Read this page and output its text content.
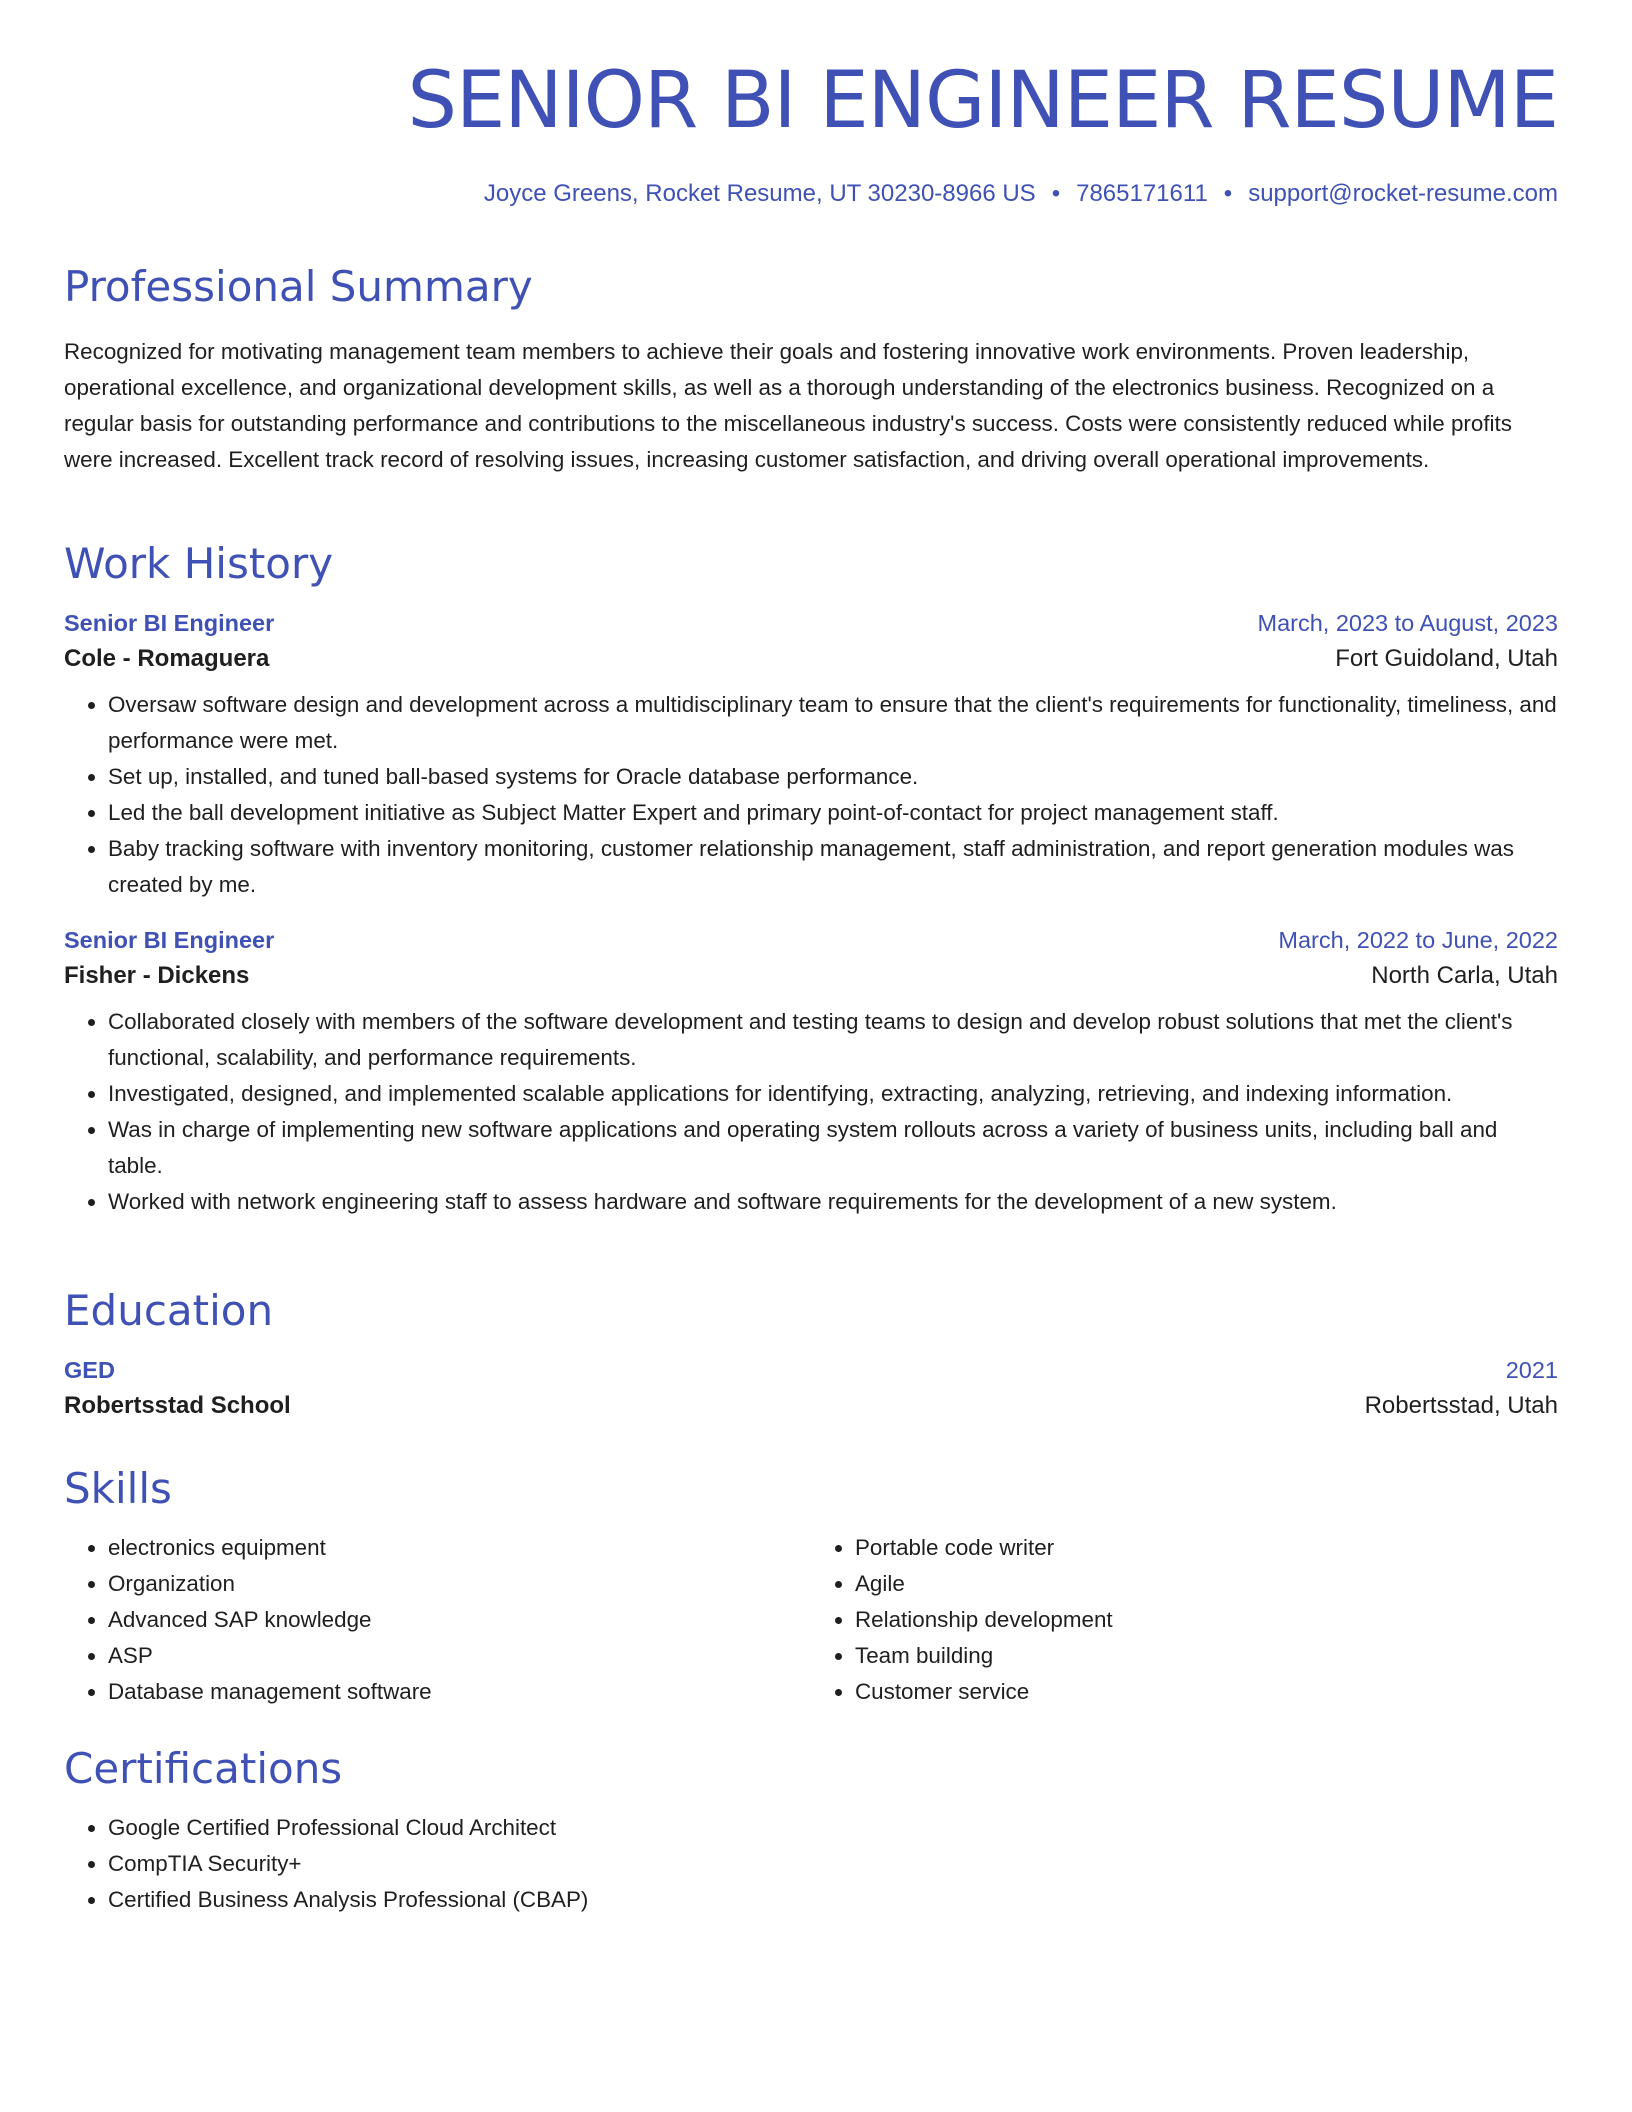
SENIOR BI ENGINEER RESUME
Joyce Greens, Rocket Resume, UT 30230-8966 US • 7865171611 • support@rocket-resume.com
Professional Summary

Recognized for motivating management team members to achieve their goals and fostering innovative work environments. Proven leadership, operational excellence, and organizational development skills, as well as a thorough understanding of the electronics business. Recognized on a regular basis for outstanding performance and contributions to the miscellaneous industry's success. Costs were consistently reduced while profits were increased. Excellent track record of resolving issues, increasing customer satisfaction, and driving overall operational improvements.

Work History
Senior BI Engineer	March, 2023 to August, 2023
Cole - Romaguera	Fort Guidoland, Utah
• Oversaw software design and development across a multidisciplinary team to ensure that the client's requirements for functionality, timeliness, and performance were met.
• Set up, installed, and tuned ball-based systems for Oracle database performance.
• Led the ball development initiative as Subject Matter Expert and primary point-of-contact for project management staff.
• Baby tracking software with inventory monitoring, customer relationship management, staff administration, and report generation modules was created by me.
Senior BI Engineer	March, 2022 to June, 2022
Fisher - Dickens	North Carla, Utah
• Collaborated closely with members of the software development and testing teams to design and develop robust solutions that met the client's functional, scalability, and performance requirements.
• Investigated, designed, and implemented scalable applications for identifying, extracting, analyzing, retrieving, and indexing information.
• Was in charge of implementing new software applications and operating system rollouts across a variety of business units, including ball and table.
• Worked with network engineering staff to assess hardware and software requirements for the development of a new system.
Education
GED	2021
Robertsstad School	Robertsstad, Utah
Skills
• electronics equipment
• Organization
• Advanced SAP knowledge
• ASP
• Database management software
• Portable code writer
• Agile
• Relationship development
• Team building
• Customer service
Certifications
• Google Certified Professional Cloud Architect
• CompTIA Security+
• Certified Business Analysis Professional (CBAP)
